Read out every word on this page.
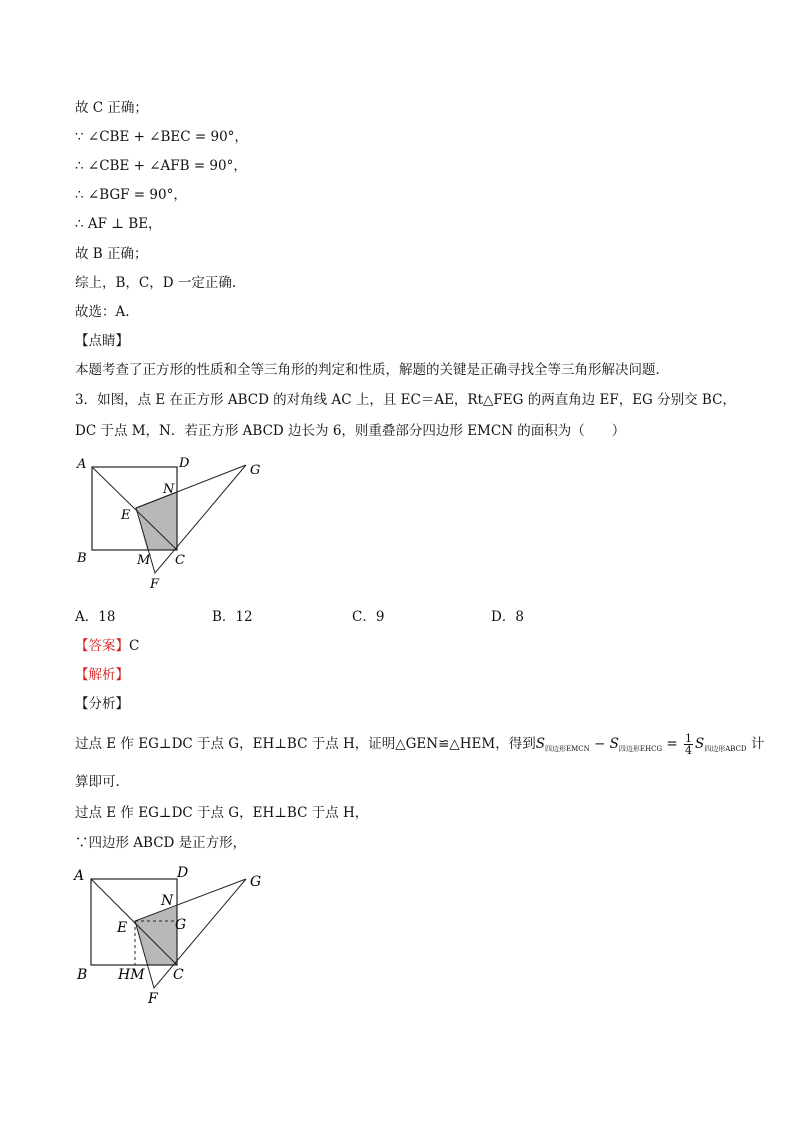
故 C 正确；
∵ ∠CBE + ∠BEC = 90°，
∴ ∠CBE + ∠AFB = 90°，
∴ ∠BGF = 90°，
∴ AF ⊥ BE，
故 B 正确；
综上，B，C，D 一定正确.
故选：A.
【点睛】
本题考查了正方形的性质和全等三角形的判定和性质，解题的关键是正确寻找全等三角形解决问题.
3．如图，点 E 在正方形 ABCD 的对角线 AC 上，且 EC＝AE，Rt△FEG 的两直角边 EF，EG 分别交 BC，
DC 于点 M，N．若正方形 ABCD 边长为 6，则重叠部分四边形 EMCN 的面积为（　　）
A	D	G
N
E
B	M C
F
A．18	B．12	C．9	D．8
【答案】C
【解析】
【分析】
过点 E 作 EG⊥DC 于点 G，EH⊥BC 于点 H，证明△GEN≌△HEM，得到$S_{四边形EMCN} - S_{四边形EHCG} = \frac{1}{4} S_{四边形ABCD}$ 计
算即可.
过点 E 作 EG⊥DC 于点 G，EH⊥BC 于点 H，
∵四边形 ABCD 是正方形，
A	D
G
N
E	G
B HM C
F
